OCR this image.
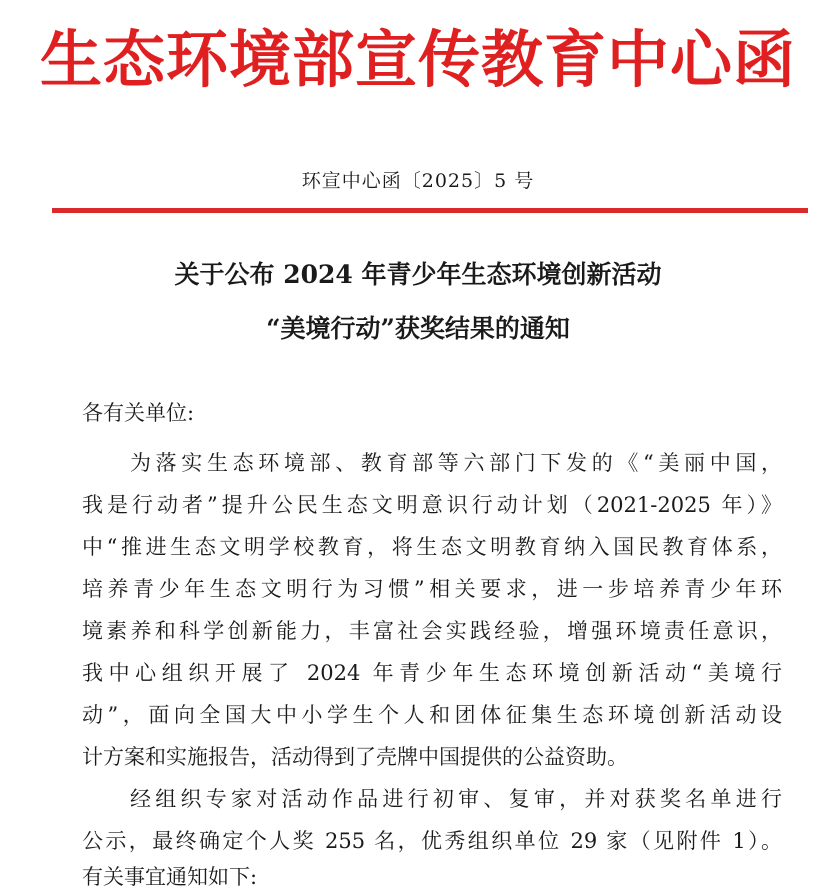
生态环境部宣传教育中心函
环宣中心函〔2025〕5 号
关于公布 2024 年青少年生态环境创新活动
“美境行动”获奖结果的通知
各有关单位:
为落实生态环境部、教育部等六部门下发的《“美丽中国，
我是行动者”提升公民生态文明意识行动计划（2021-2025 年）》
中“推进生态文明学校教育，将生态文明教育纳入国民教育体系，
培养青少年生态文明行为习惯”相关要求，进一步培养青少年环
境素养和科学创新能力，丰富社会实践经验，增强环境责任意识，
我中心组织开展了 2024 年青少年生态环境创新活动“美境行
动”，面向全国大中小学生个人和团体征集生态环境创新活动设
计方案和实施报告，活动得到了壳牌中国提供的公益资助。
经组织专家对活动作品进行初审、复审，并对获奖名单进行
公示，最终确定个人奖 255 名，优秀组织单位 29 家（见附件 1）。
有关事宜通知如下:
